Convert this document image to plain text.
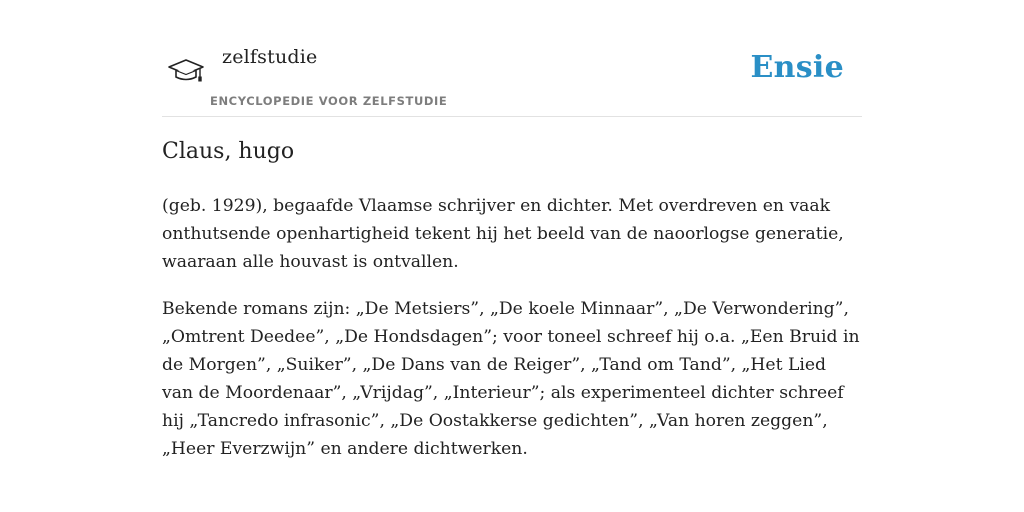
zelfstudie
ENCYCLOPEDIE VOOR ZELFSTUDIE
Ensie
Claus, hugo

(geb. 1929), begaafde Vlaamse schrijver en dichter. Met overdreven en vaak onthutsende openhartigheid tekent hij het beeld van de naoorlogse generatie, waaraan alle houvast is ontvallen.

Bekende romans zijn: „De Metsiers”, „De koele Minnaar”, „De Verwondering”, „Omtrent Deedee”, „De Hondsdagen”; voor toneel schreef hij o.a. „Een Bruid in de Morgen”, „Suiker”, „De Dans van de Reiger”, „Tand om Tand”, „Het Lied van de Moordenaar”, „Vrijdag”, „Interieur”; als experimenteel dichter schreef hij „Tancredo infrasonic”, „De Oostakkerse gedichten”, „Van horen zeggen”, „Heer Everzwijn” en andere dichtwerken.
